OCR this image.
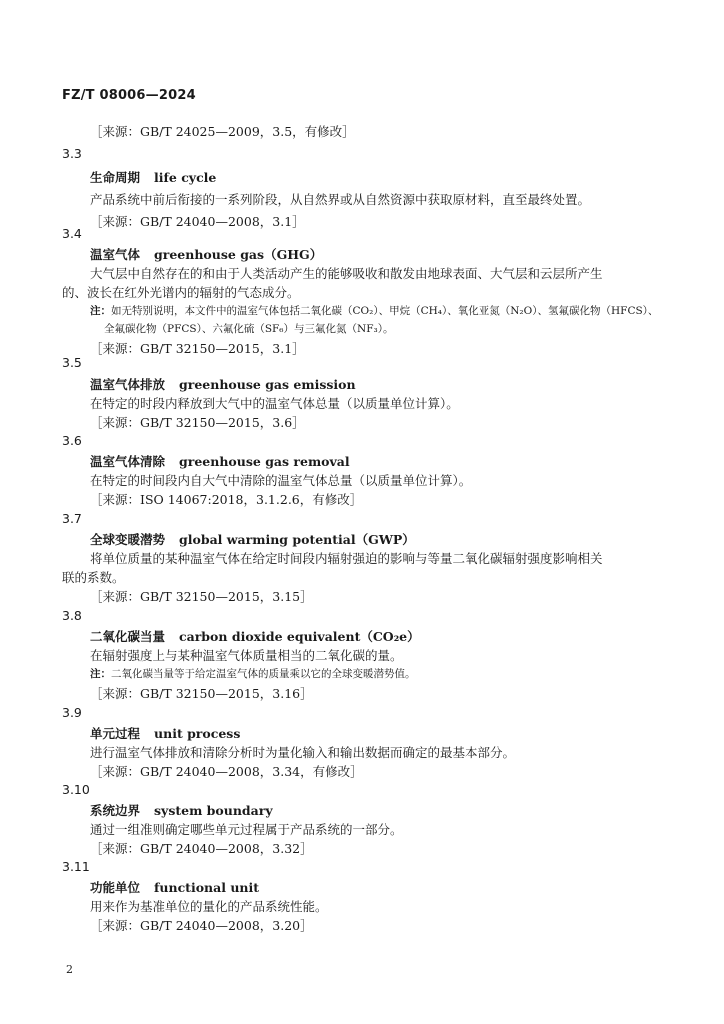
FZ/T 08006—2024
［来源：GB/T 24025—2009，3.5，有修改］
3.3
生命周期 life cycle
产品系统中前后衔接的一系列阶段，从自然界或从自然资源中获取原材料，直至最终处置。
［来源：GB/T 24040—2008，3.1］
3.4
温室气体 greenhouse gas（GHG）
大气层中自然存在的和由于人类活动产生的能够吸收和散发由地球表面、大气层和云层所产生
的、波长在红外光谱内的辐射的气态成分。
注：如无特别说明，本文件中的温室气体包括二氧化碳（CO₂）、甲烷（CH₄）、氧化亚氮（N₂O）、氢氟碳化物（HFCS）、
全氟碳化物（PFCS）、六氟化硫（SF₆）与三氟化氮（NF₃）。
［来源：GB/T 32150—2015，3.1］
3.5
温室气体排放 greenhouse gas emission
在特定的时段内释放到大气中的温室气体总量（以质量单位计算）。
［来源：GB/T 32150—2015，3.6］
3.6
温室气体清除 greenhouse gas removal
在特定的时间段内自大气中清除的温室气体总量（以质量单位计算）。
［来源：ISO 14067:2018，3.1.2.6，有修改］
3.7
全球变暖潜势 global warming potential（GWP）
将单位质量的某种温室气体在给定时间段内辐射强迫的影响与等量二氧化碳辐射强度影响相关
联的系数。
［来源：GB/T 32150—2015，3.15］
3.8
二氧化碳当量 carbon dioxide equivalent（CO₂e）
在辐射强度上与某种温室气体质量相当的二氧化碳的量。
注：二氧化碳当量等于给定温室气体的质量乘以它的全球变暖潜势值。
［来源：GB/T 32150—2015，3.16］
3.9
单元过程 unit process
进行温室气体排放和清除分析时为量化输入和输出数据而确定的最基本部分。
［来源：GB/T 24040—2008，3.34，有修改］
3.10
系统边界 system boundary
通过一组准则确定哪些单元过程属于产品系统的一部分。
［来源：GB/T 24040—2008，3.32］
3.11
功能单位 functional unit
用来作为基准单位的量化的产品系统性能。
［来源：GB/T 24040—2008，3.20］
2
